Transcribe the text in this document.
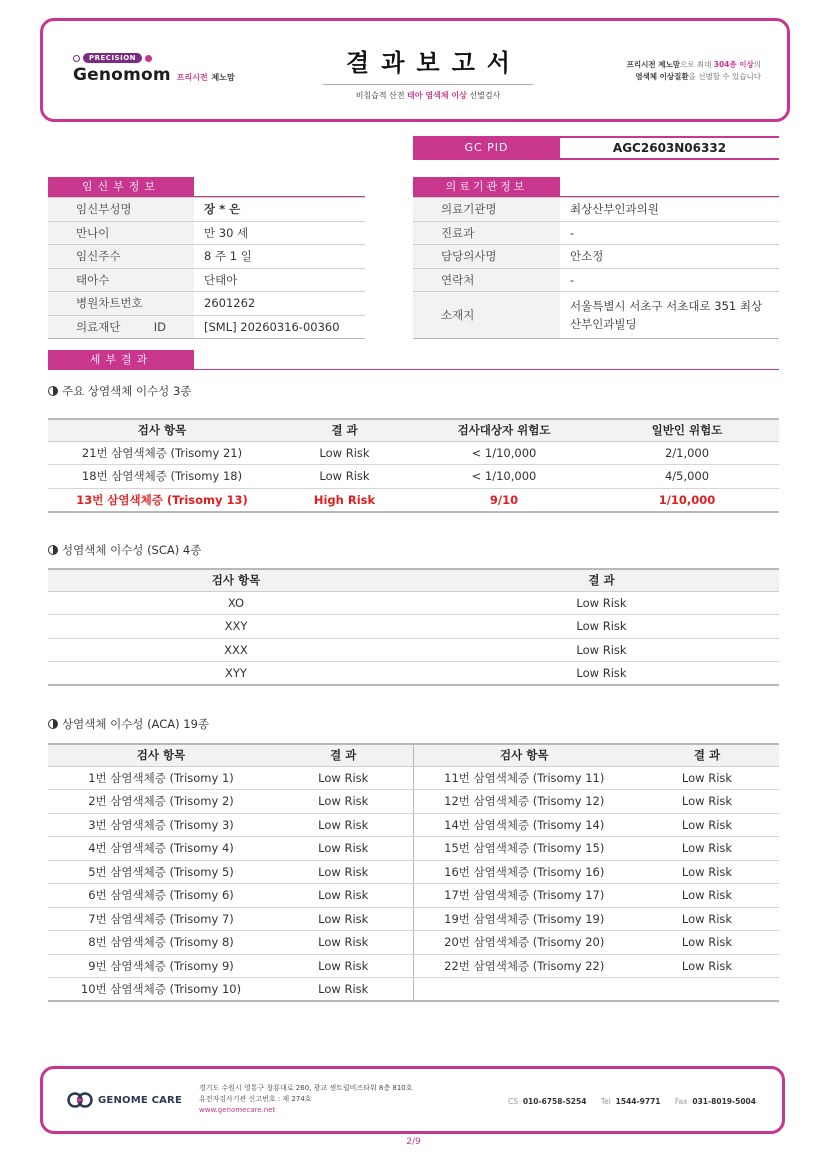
PRECISION
Genomom 프리시전 제노맘
결과보고서
비침습적 산전 태아 염색체 이상 선별검사
프리시전 제노맘으로 최대 304종 이상의
염색체 이상질환을 선별할 수 있습니다
GC PID	AGC2603N06332
임신부정보
임신부성명	장 * 은
만나이	만 30 세
임신주수	8 주 1 일
태아수	단태아
병원차트번호	2601262
의료재단 ID	[SML] 20260316-00360
의료기관정보
의료기관명	최상산부인과의원
진료과	-
담당의사명	안소정
연락처	-
소재지	서울특별시 서초구 서초대로 351 최상산부인과빌딩
세부결과
주요 상염색체 이수성 3종
검사 항목	결 과	검사대상자 위험도	일반인 위험도
21번 삼염색체증 (Trisomy 21)	Low Risk	< 1/10,000	2/1,000
18번 삼염색체증 (Trisomy 18)	Low Risk	< 1/10,000	4/5,000
13번 삼염색체증 (Trisomy 13)	High Risk	9/10	1/10,000
성염색체 이수성 (SCA) 4종
검사 항목	결 과
XO	Low Risk
XXY	Low Risk
XXX	Low Risk
XYY	Low Risk
상염색체 이수성 (ACA) 19종
검사 항목	결 과	검사 항목	결 과
1번 삼염색체증 (Trisomy 1)	Low Risk	11번 삼염색체증 (Trisomy 11)	Low Risk
2번 삼염색체증 (Trisomy 2)	Low Risk	12번 삼염색체증 (Trisomy 12)	Low Risk
3번 삼염색체증 (Trisomy 3)	Low Risk	14번 삼염색체증 (Trisomy 14)	Low Risk
4번 삼염색체증 (Trisomy 4)	Low Risk	15번 삼염색체증 (Trisomy 15)	Low Risk
5번 삼염색체증 (Trisomy 5)	Low Risk	16번 삼염색체증 (Trisomy 16)	Low Risk
6번 삼염색체증 (Trisomy 6)	Low Risk	17번 삼염색체증 (Trisomy 17)	Low Risk
7번 삼염색체증 (Trisomy 7)	Low Risk	19번 삼염색체증 (Trisomy 19)	Low Risk
8번 삼염색체증 (Trisomy 8)	Low Risk	20번 삼염색체증 (Trisomy 20)	Low Risk
9번 삼염색체증 (Trisomy 9)	Low Risk	22번 삼염색체증 (Trisomy 22)	Low Risk
10번 삼염색체증 (Trisomy 10)	Low Risk		
GENOME CARE
경기도 수원시 영통구 창룡대로 260, 광교 센트럴비즈타워 8층 810호
유전자검사기관 신고번호 : 제 274호
www.genomecare.net
CS 010-6758-5254 Tel 1544-9771 Fax 031-8019-5004
2/9
